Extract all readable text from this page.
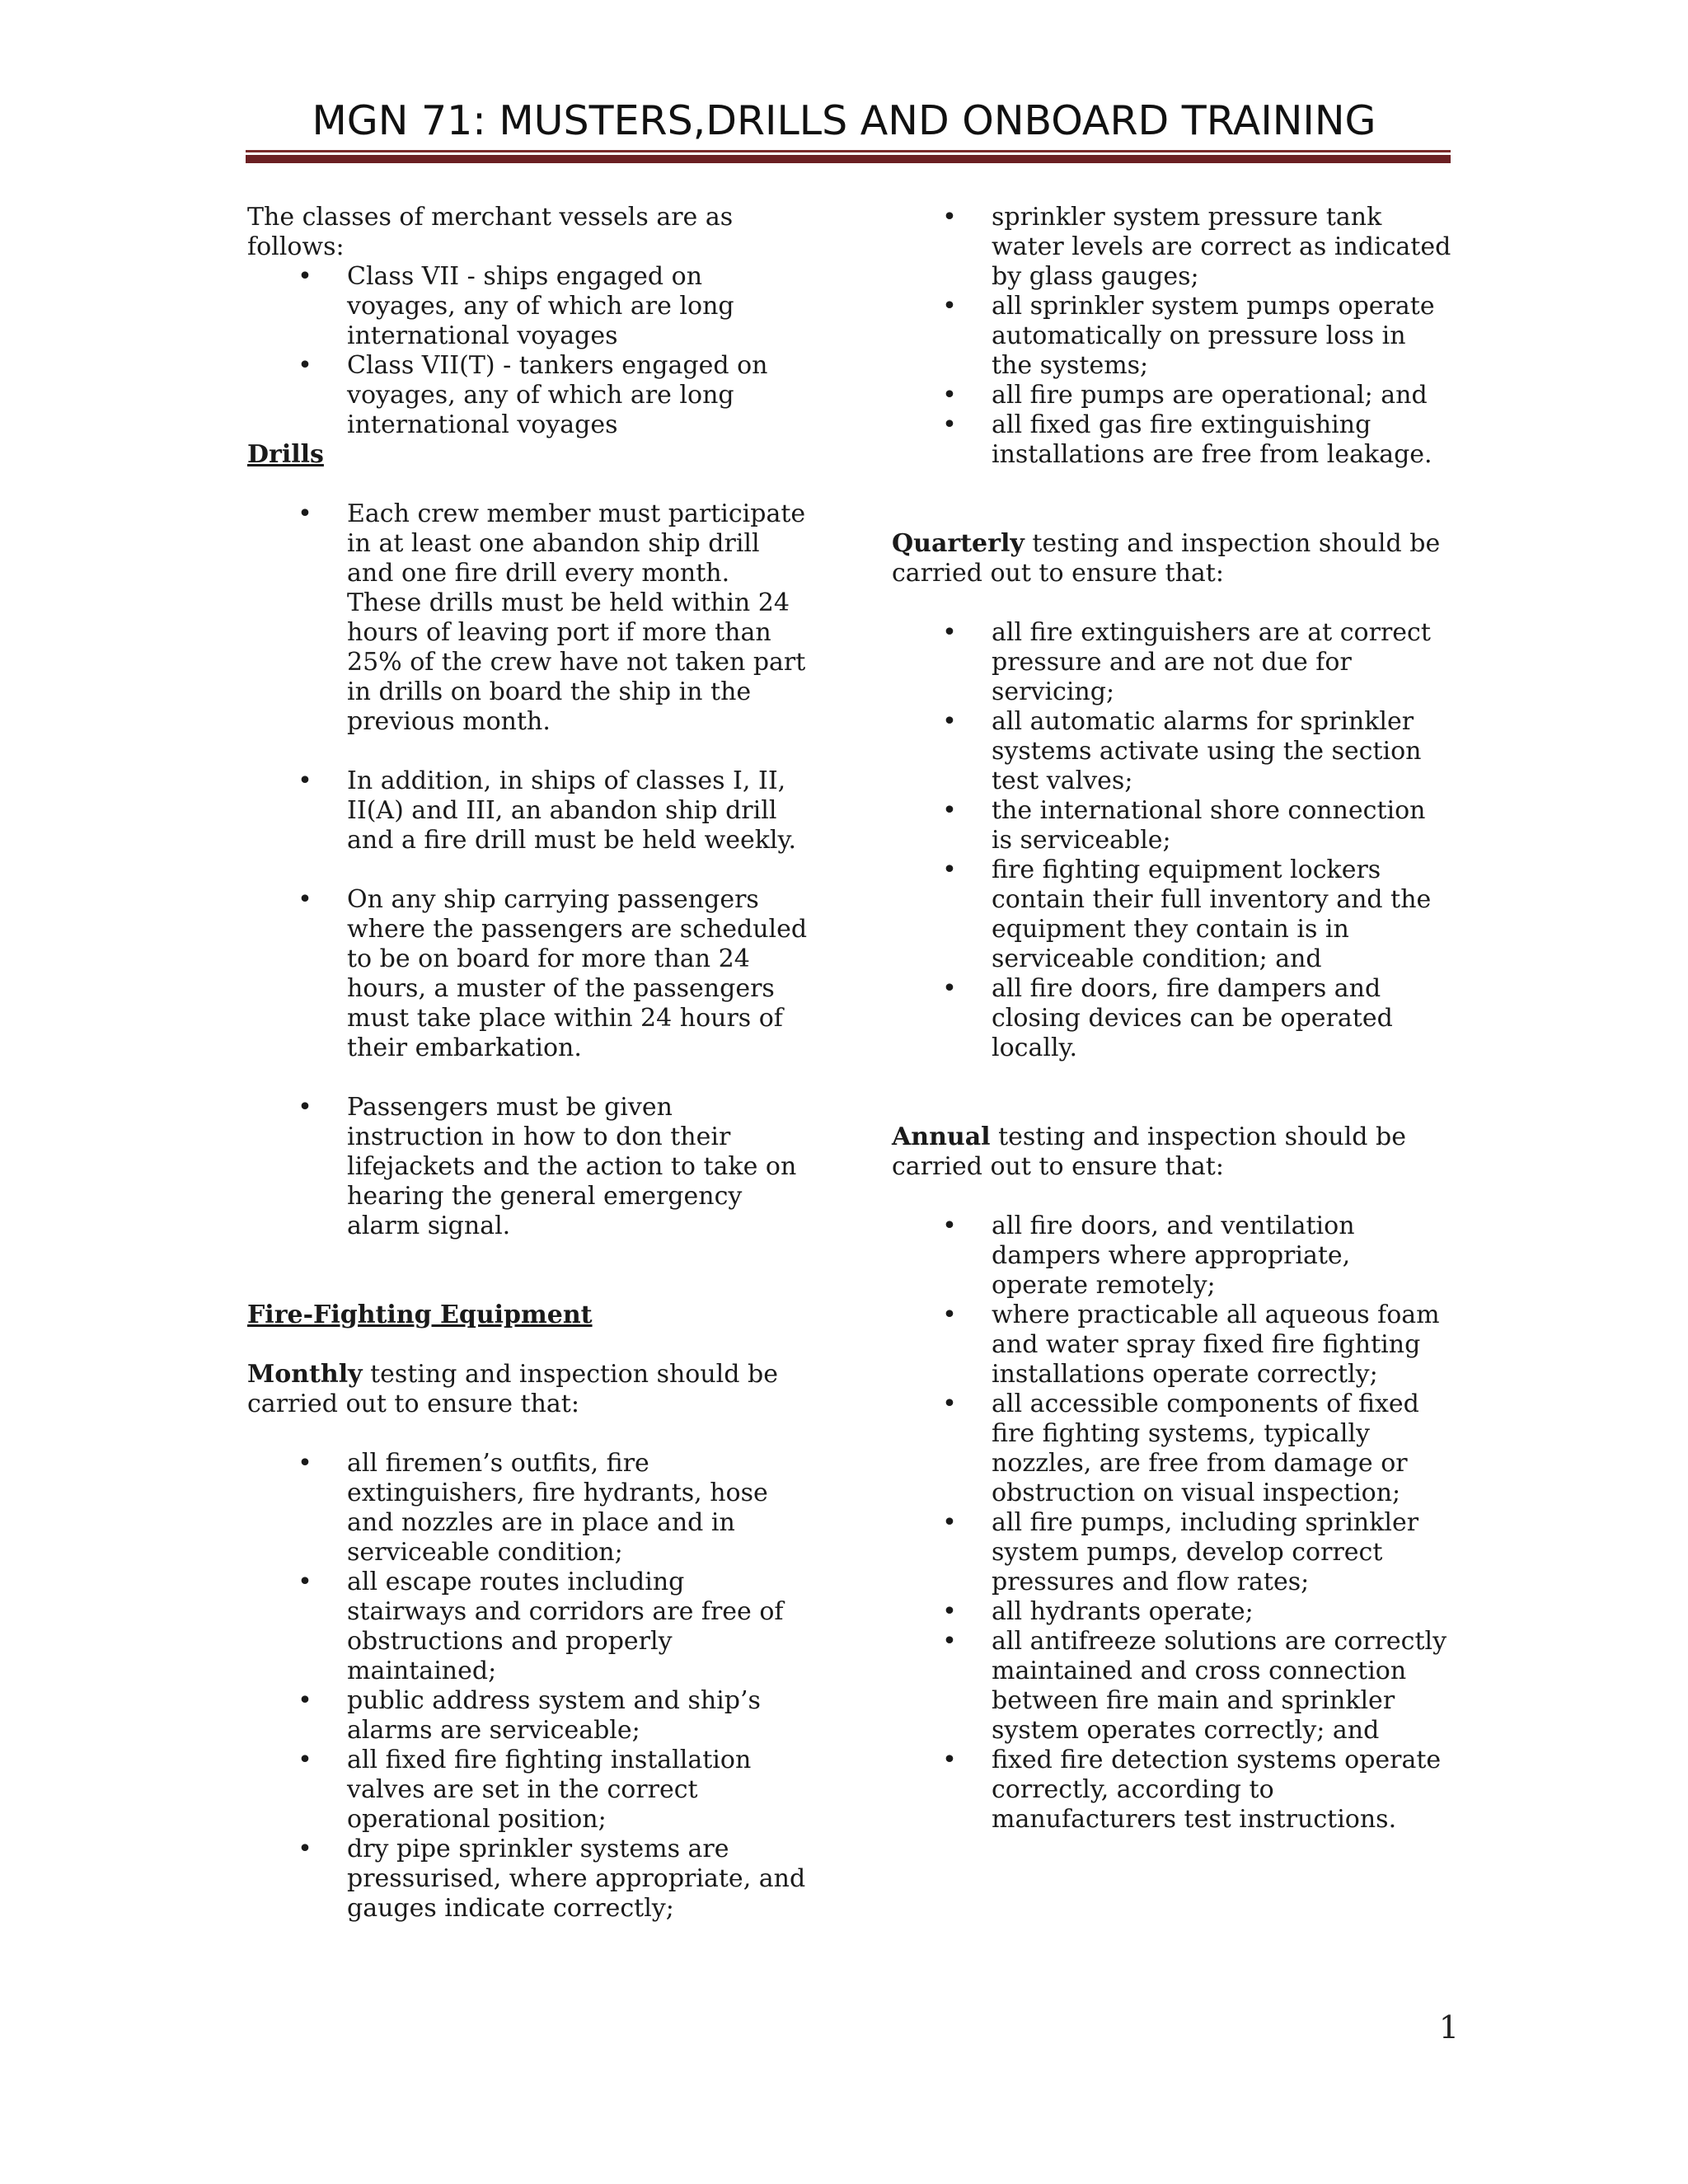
MGN 71: MUSTERS,DRILLS AND ONBOARD TRAINING

The classes of merchant vessels are as follows:

• Class VII - ships engaged on voyages, any of which are long international voyages
• Class VII(T) - tankers engaged on voyages, any of which are long international voyages

Drills

• Each crew member must participate in at least one abandon ship drill and one fire drill every month. These drills must be held within 24 hours of leaving port if more than 25% of the crew have not taken part in drills on board the ship in the previous month.
• In addition, in ships of classes I, II, II(A) and III, an abandon ship drill and a fire drill must be held weekly.
• On any ship carrying passengers where the passengers are scheduled to be on board for more than 24 hours, a muster of the passengers must take place within 24 hours of their embarkation.
• Passengers must be given instruction in how to don their lifejackets and the action to take on hearing the general emergency alarm signal.

Fire-Fighting Equipment

Monthly testing and inspection should be carried out to ensure that:

• all firemen’s outfits, fire extinguishers, fire hydrants, hose and nozzles are in place and in serviceable condition;
• all escape routes including stairways and corridors are free of obstructions and properly maintained;
• public address system and ship’s alarms are serviceable;
• all fixed fire fighting installation valves are set in the correct operational position;
• dry pipe sprinkler systems are pressurised, where appropriate, and gauges indicate correctly;
• sprinkler system pressure tank water levels are correct as indicated by glass gauges;
• all sprinkler system pumps operate automatically on pressure loss in the systems;
• all fire pumps are operational; and
• all fixed gas fire extinguishing installations are free from leakage.

Quarterly testing and inspection should be carried out to ensure that:

• all fire extinguishers are at correct pressure and are not due for servicing;
• all automatic alarms for sprinkler systems activate using the section test valves;
• the international shore connection is serviceable;
• fire fighting equipment lockers contain their full inventory and the equipment they contain is in serviceable condition; and
• all fire doors, fire dampers and closing devices can be operated locally.

Annual testing and inspection should be carried out to ensure that:

• all fire doors, and ventilation dampers where appropriate, operate remotely;
• where practicable all aqueous foam and water spray fixed fire fighting installations operate correctly;
• all accessible components of fixed fire fighting systems, typically nozzles, are free from damage or obstruction on visual inspection;
• all fire pumps, including sprinkler system pumps, develop correct pressures and flow rates;
• all hydrants operate;
• all antifreeze solutions are correctly maintained and cross connection between fire main and sprinkler system operates correctly; and
• fixed fire detection systems operate correctly, according to manufacturers test instructions.
1
